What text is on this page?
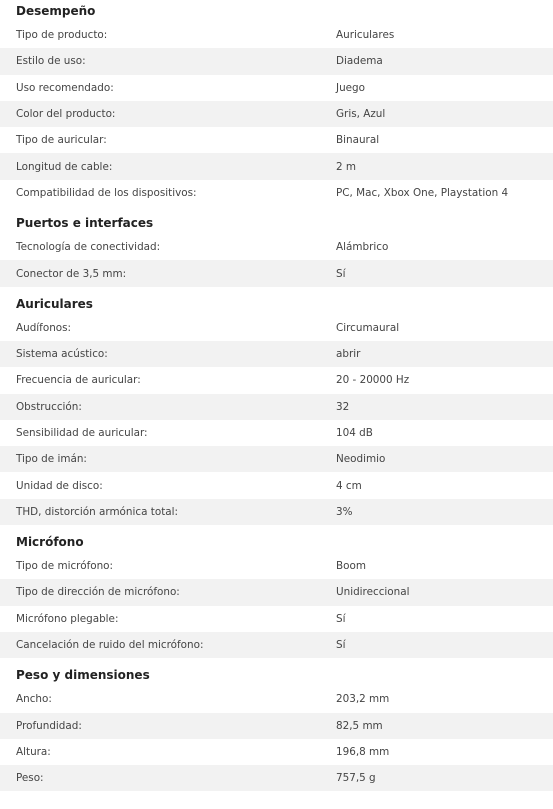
Desempeño
Tipo de producto:	Auriculares
Estilo de uso:	Diadema
Uso recomendado:	Juego
Color del producto:	Gris, Azul
Tipo de auricular:	Binaural
Longitud de cable:	2 m
Compatibilidad de los dispositivos:	PC, Mac, Xbox One, Playstation 4
Puertos e interfaces
Tecnología de conectividad:	Alámbrico
Conector de 3,5 mm:	Sí
Auriculares
Audífonos:	Circumaural
Sistema acústico:	abrir
Frecuencia de auricular:	20 - 20000 Hz
Obstrucción:	32
Sensibilidad de auricular:	104 dB
Tipo de imán:	Neodimio
Unidad de disco:	4 cm
THD, distorción armónica total:	3%
Micrófono
Tipo de micrófono:	Boom
Tipo de dirección de micrófono:	Unidireccional
Micrófono plegable:	Sí
Cancelación de ruido del micrófono:	Sí
Peso y dimensiones
Ancho:	203,2 mm
Profundidad:	82,5 mm
Altura:	196,8 mm
Peso:	757,5 g
